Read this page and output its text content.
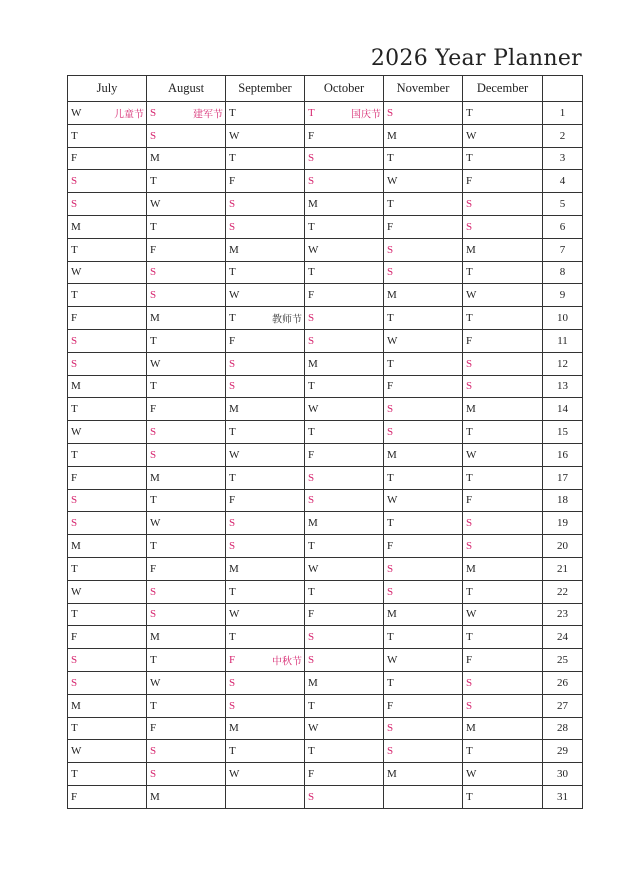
2026 Year Planner
July	August	September	October	November	December	

W 儿童节	S 建军节	T	T 国庆节	S	T	1

T	S	W	F	M	W	2

F	M	T	S	T	T	3

S	T	F	S	W	F	4

S	W	S	M	T	S	5

M	T	S	T	F	S	6

T	F	M	W	S	M	7

W	S	T	T	S	T	8

T	S	W	F	M	W	9

F	M	T 教师节	S	T	T	10

S	T	F	S	W	F	11

S	W	S	M	T	S	12

M	T	S	T	F	S	13

T	F	M	W	S	M	14

W	S	T	T	S	T	15

T	S	W	F	M	W	16

F	M	T	S	T	T	17

S	T	F	S	W	F	18

S	W	S	M	T	S	19

M	T	S	T	F	S	20

T	F	M	W	S	M	21

W	S	T	T	S	T	22

T	S	W	F	M	W	23

F	M	T	S	T	T	24

S	T	F 中秋节	S	W	F	25

S	W	S	M	T	S	26

M	T	S	T	F	S	27

T	F	M	W	S	M	28

W	S	T	T	S	T	29

T	S	W	F	M	W	30

F	M		S		T	31
